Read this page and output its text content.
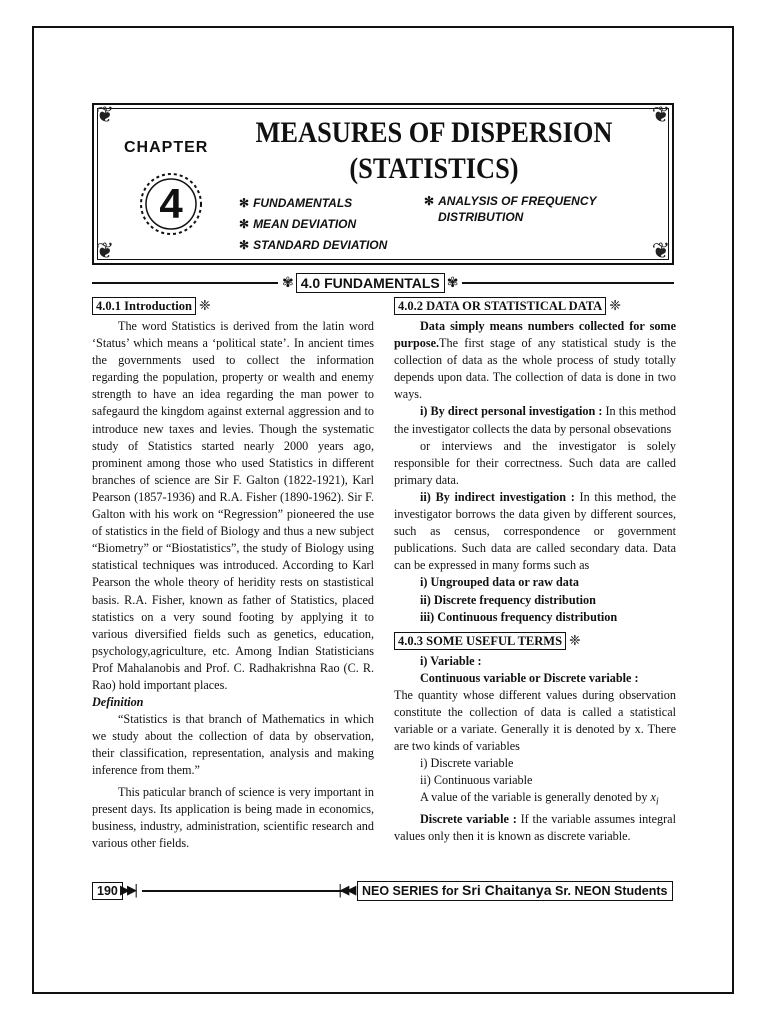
❦	❦
❦	❦
CHAPTER
4
MEASURES OF DISPERSION
(STATISTICS)
✻ FUNDAMENTALS
✻ MEAN DEVIATION
✻ STANDARD DEVIATION
✻ ANALYSIS OF FREQUENCY
DISTRIBUTION
✾ 4.0 FUNDAMENTALS ✾
4.0.1 Introduction ❈

The word Statistics is derived from the latin word ‘Status’ which means a ‘political state’. In ancient times the governments used to collect the information regarding the population, property or wealth and enemy strength to have an idea regarding the man power to safegaurd the kingdom against external aggression and to introduce new taxes and levies. Though the systematic study of Statistics started nearly 2000 years ago, prominent among those who used Statistics in different branches of science are Sir F. Galton (1822-1921), Karl Pearson (1857-1936) and R.A. Fisher (1890-1962). Sir F. Galton with his work on “Regression” pioneered the use of statistics in the field of Biology and thus a new subject “Biometry” or “Biostatistics”, the study of Biology using statistical techniques was introduced. According to Karl Pearson the whole theory of heridity rests on stastistical basis. R.A. Fisher, known as father of Statistics, placed statistics on a very sound footing by applying it to various diversified fields such as genetics, education, psychology,agriculture, etc. Among Indian Statisticians Prof Mahalanobis and Prof. C. Radhakrishna Rao (C. R. Rao) hold important places.

Definition

“Statistics is that branch of Mathematics in which we study about the collection of data by observation, their classification, representation, analysis and making inference from them.”

This paticular branch of science is very important in present days. Its application is being made in economics, business, industry, administration, scientific research and various other fields.

4.0.2 DATA OR STATISTICAL DATA ❈

Data simply means numbers collected for some purpose.The first stage of any statistical study is the collection of data as the whole process of study totally depends upon data. The collection of data is done in two ways.

i) By direct personal investigation : In this method the investigator collects the data by personal obsevations

or interviews and the investigator is solely responsible for their correctness. Such data are called primary data.

ii) By indirect investigation : In this method, the investigator borrows the data given by different sources, such as census, correspondence or government publications. Such data are called secondary data. Data can be expressed in many forms such as

i) Ungrouped data or raw data

ii) Discrete frequency distribution

iii) Continuous frequency distribution

4.0.3 SOME USEFUL TERMS ❈

i) Variable :

Continuous variable or Discrete variable :

The quantity whose different values during observation constitute the collection of data is called a statistical variable or a variate. Generally it is denoted by x. There are two kinds of variables

i) Discrete variable

ii) Continuous variable

A value of the variable is generally denoted by $x_i$

Discrete variable : If the variable assumes integral values only then it is known as discrete variable.

190 ▶▶|	|◀◀ NEO SERIES for Sri Chaitanya Sr. NEON Students
